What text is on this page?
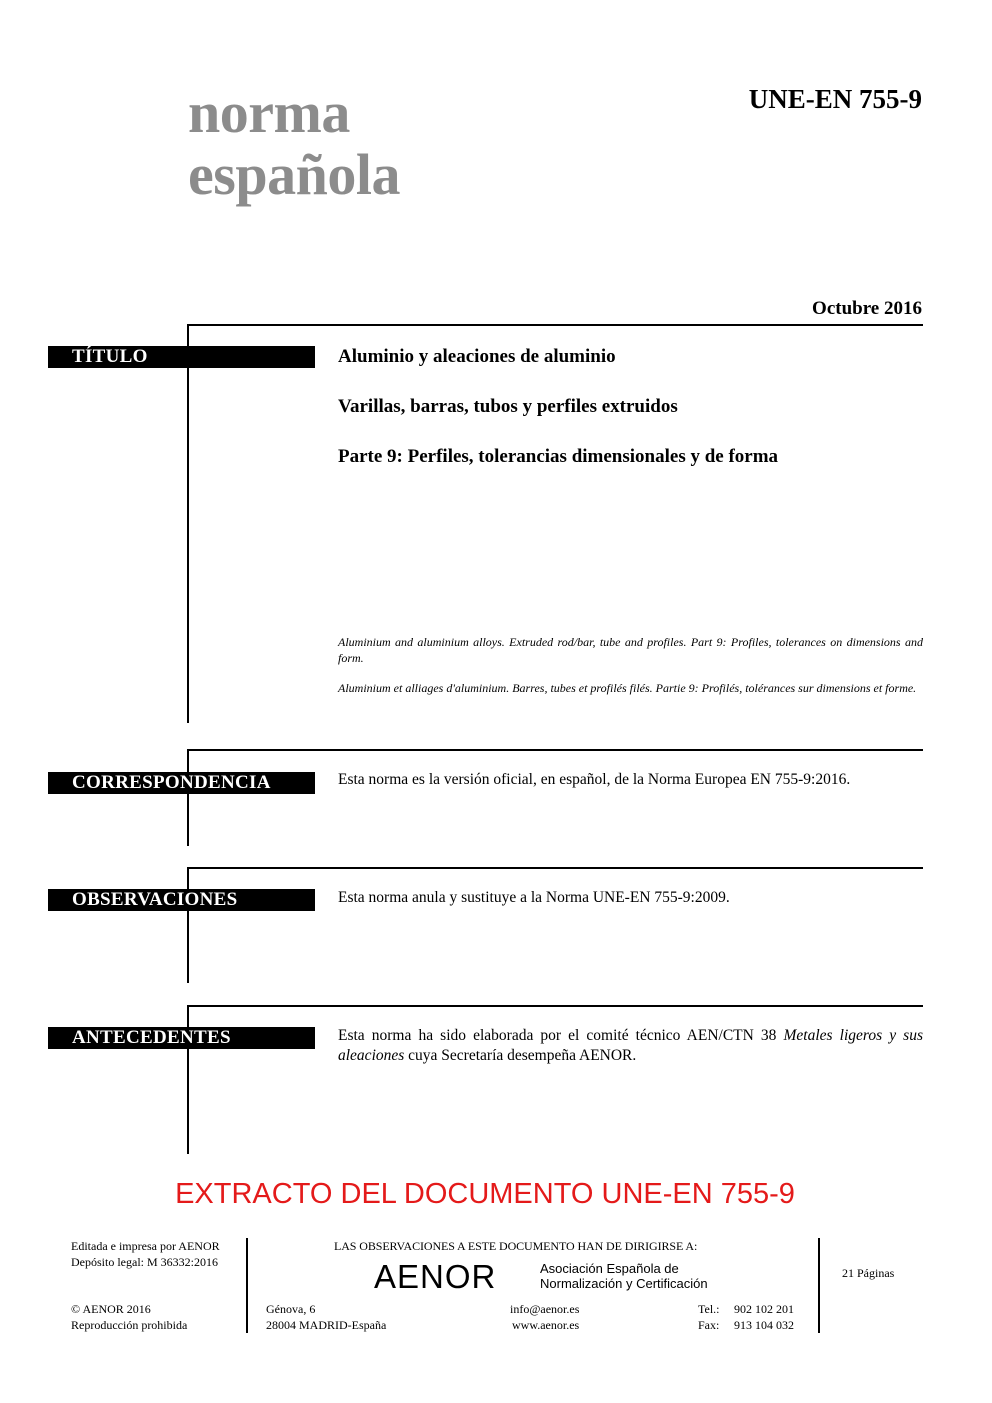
norma
española
UNE-EN 755-9
Octubre 2016
TÍTULO	Aluminio y aleaciones de aluminio
Varillas, barras, tubos y perfiles extruidos
Parte 9: Perfiles, tolerancias dimensionales y de forma
Aluminium and aluminium alloys. Extruded rod/bar, tube and profiles. Part 9: Profiles, tolerances on dimensions and form.
Aluminium et alliages d'aluminium. Barres, tubes et profilés filés. Partie 9: Profilés, tolérances sur dimensions et forme.
CORRESPONDENCIA	Esta norma es la versión oficial, en español, de la Norma Europea EN 755-9:2016.
OBSERVACIONES	Esta norma anula y sustituye a la Norma UNE-EN 755-9:2009.
ANTECEDENTES	Esta norma ha sido elaborada por el comité técnico AEN/CTN 38 Metales ligeros y sus aleaciones cuya Secretaría desempeña AENOR.
EXTRACTO DEL DOCUMENTO UNE-EN 755-9
Editada e impresa por AENOR
Depósito legal: M 36332:2016
© AENOR 2016
Reproducción prohibida
LAS OBSERVACIONES A ESTE DOCUMENTO HAN DE DIRIGIRSE A:
AENOR	Asociación Española de
Normalización y Certificación
Génova, 6
28004 MADRID-España
info@aenor.es
www.aenor.es
Tel.: 902 102 201
Fax: 913 104 032
21 Páginas
